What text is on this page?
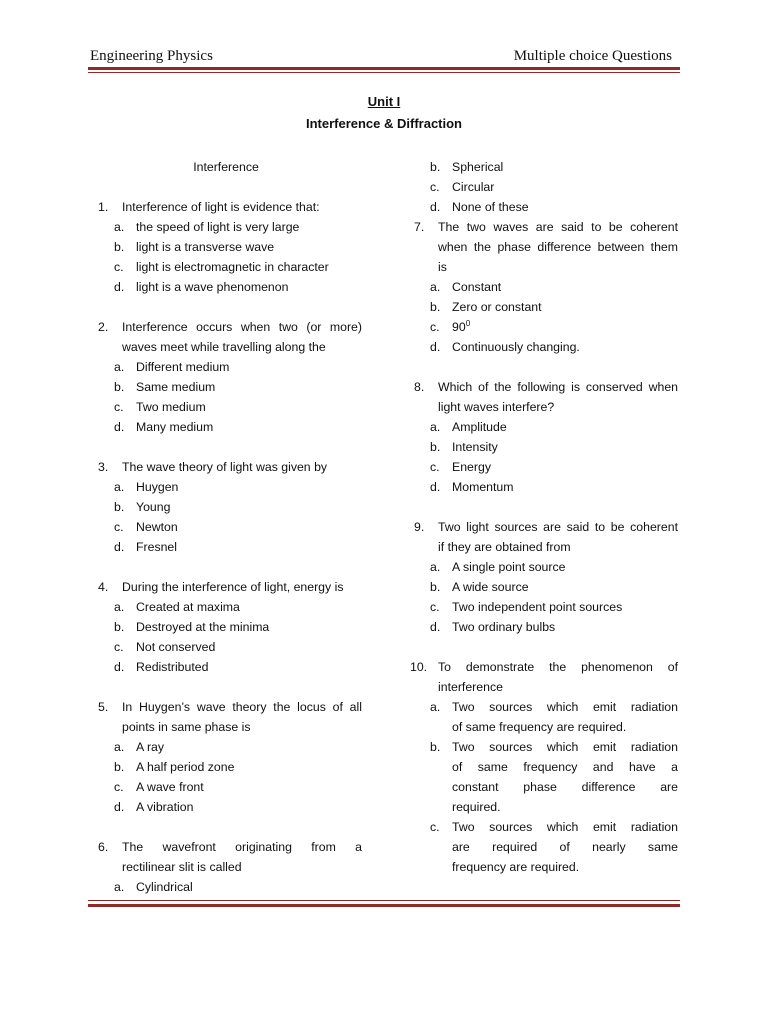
Engineering Physics	Multiple choice Questions
Unit I
Interference & Diffraction
Interference
1. Interference of light is evidence that:
a. the speed of light is very large
b. light is a transverse wave
c. light is electromagnetic in character
d. light is a wave phenomenon
2. Interference occurs when two (or more)
waves meet while travelling along the
a. Different medium
b. Same medium
c. Two medium
d. Many medium
3. The wave theory of light was given by
a. Huygen
b. Young
c. Newton
d. Fresnel
4. During the interference of light, energy is
a. Created at maxima
b. Destroyed at the minima
c. Not conserved
d. Redistributed
5. In Huygen’s wave theory the locus of all
points in same phase is
a. A ray
b. A half period zone
c. A wave front
d. A vibration
6. The wavefront originating from a
rectilinear slit is called
a. Cylindrical
b. Spherical
c. Circular
d. None of these
7. The two waves are said to be coherent
when the phase difference between them
is
a. Constant
b. Zero or constant
c. $90^0$
d. Continuously changing.
8. Which of the following is conserved when
light waves interfere?
a. Amplitude
b. Intensity
c. Energy
d. Momentum
9. Two light sources are said to be coherent
if they are obtained from
a. A single point source
b. A wide source
c. Two independent point sources
d. Two ordinary bulbs
10. To demonstrate the phenomenon of
interference
a. Two sources which emit radiation
of same frequency are required.
b. Two sources which emit radiation
of same frequency and have a
constant phase difference are
required.
c. Two sources which emit radiation
are required of nearly same
frequency are required.
